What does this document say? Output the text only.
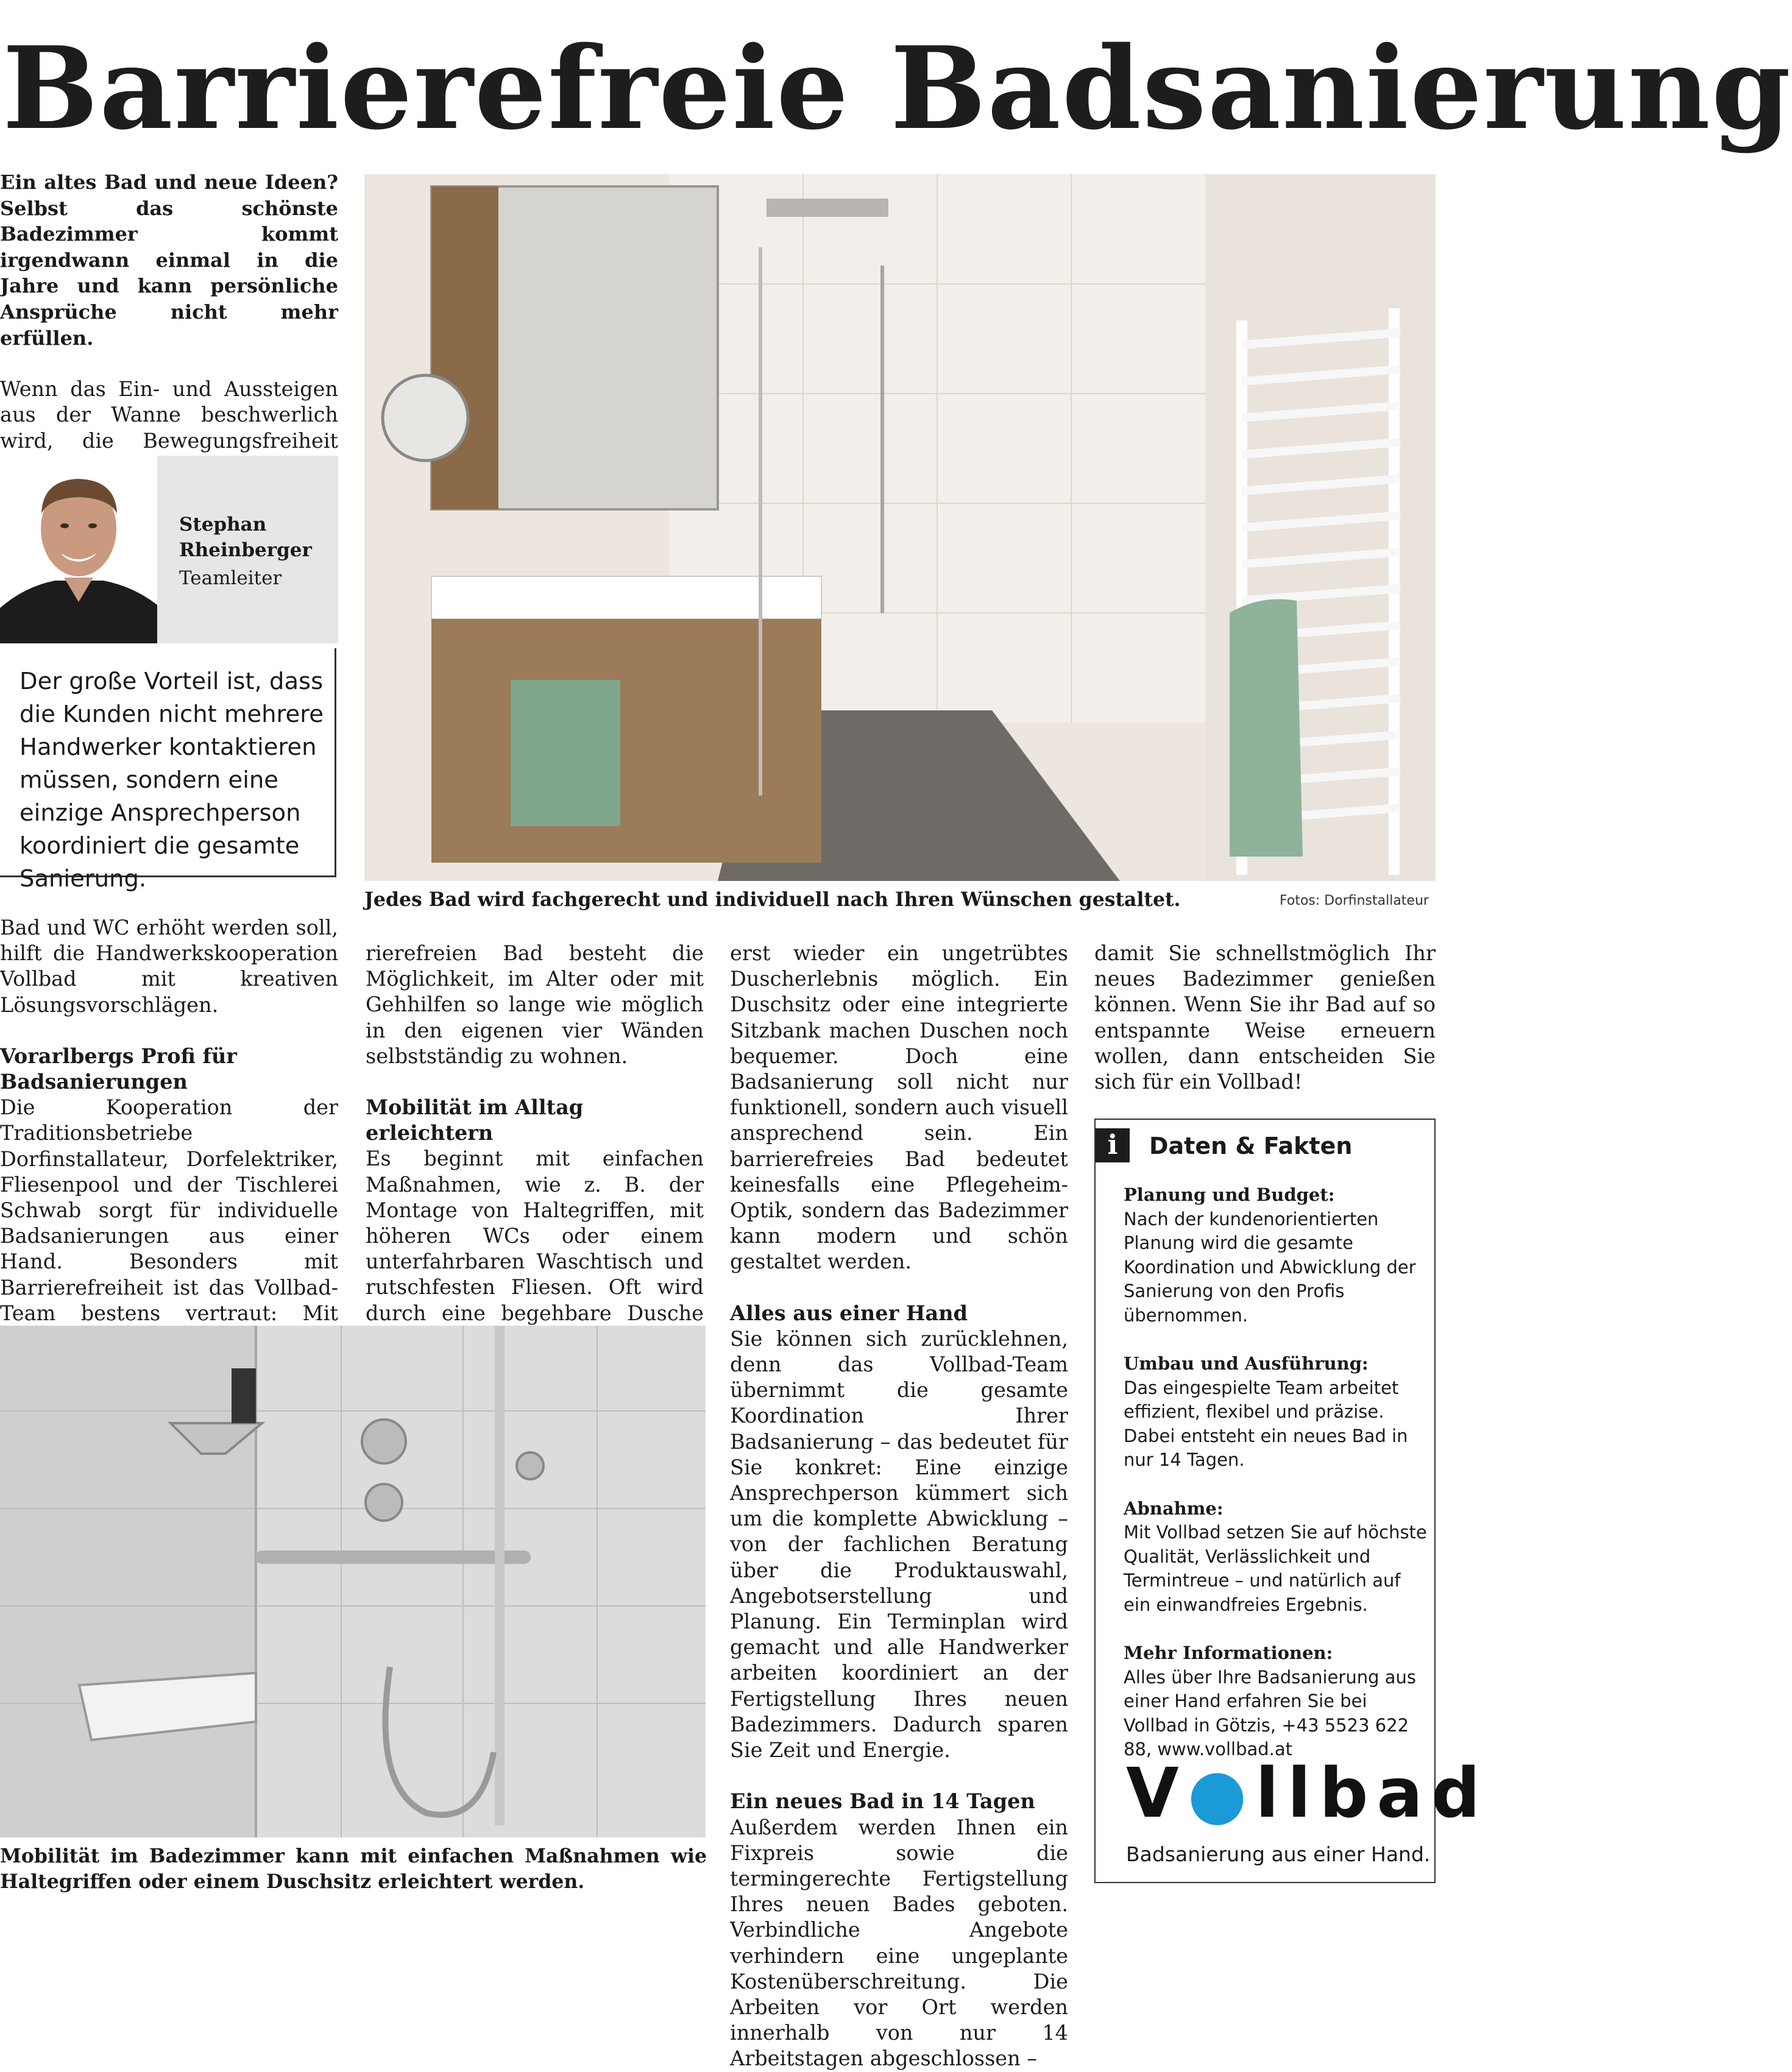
Barrierefreie Badsanierung

Ein altes Bad und neue Ideen? Selbst das schönste Badezimmer kommt irgendwann einmal in die Jahre und kann persönliche Ansprüche nicht mehr erfüllen.

Wenn das Ein- und Aussteigen aus der Wanne beschwerlich wird, die Bewegungsfreiheit

Stephan Rheinberger
Teamleiter
Der große Vorteil ist, dass die Kunden nicht mehrere Handwerker kontaktieren müssen, sondern eine einzige Ansprechperson koordiniert die gesamte Sanierung.
Jedes Bad wird fachgerecht und individuell nach Ihren Wünschen gestaltet.	Fotos: Dorfinstallateur

Bad und WC erhöht werden soll, hilft die Handwerkskooperation Vollbad mit kreativen Lösungsvorschlägen.

Vorarlbergs Profi für Badsanierungen

Die Kooperation der Traditionsbetriebe Dorfinstallateur, Dorfelektriker, Fliesenpool und der Tischlerei Schwab sorgt für individuelle Badsanierungen aus einer Hand. Besonders mit Barrierefreiheit ist das Vollbad-Team bestens vertraut: Mit

rierefreien Bad besteht die Möglichkeit, im Alter oder mit Gehhilfen so lange wie möglich in den eigenen vier Wänden selbstständig zu wohnen.

Mobilität im Alltag erleichtern

Es beginnt mit einfachen Maßnahmen, wie z. B. der Montage von Haltegriffen, mit höheren WCs oder einem unterfahrbaren Waschtisch und rutschfesten Fliesen. Oft wird durch eine begehbare Dusche

Mobilität im Badezimmer kann mit einfachen Maßnahmen wie Haltegriffen oder einem Duschsitz erleichtert werden.

erst wieder ein ungetrübtes Duscherlebnis möglich. Ein Duschsitz oder eine integrierte Sitzbank machen Duschen noch bequemer. Doch eine Badsanierung soll nicht nur funktionell, sondern auch visuell ansprechend sein. Ein barrierefreies Bad bedeutet keinesfalls eine Pflegeheim-Optik, sondern das Badezimmer kann modern und schön gestaltet werden.

Alles aus einer Hand

Sie können sich zurücklehnen, denn das Vollbad-Team übernimmt die gesamte Koordination Ihrer Badsanierung – das bedeutet für Sie konkret: Eine einzige Ansprechperson kümmert sich um die komplette Abwicklung – von der fachlichen Beratung über die Produktauswahl, Angebotserstellung und Planung. Ein Terminplan wird gemacht und alle Handwerker arbeiten koordiniert an der Fertigstellung Ihres neuen Badezimmers. Dadurch sparen Sie Zeit und Energie.

Ein neues Bad in 14 Tagen

Außerdem werden Ihnen ein Fixpreis sowie die termingerechte Fertigstellung Ihres neuen Bades geboten. Verbindliche Angebote verhindern eine ungeplante Kostenüberschreitung. Die Arbeiten vor Ort werden innerhalb von nur 14 Arbeitstagen abgeschlossen –

damit Sie schnellstmöglich Ihr neues Badezimmer genießen können. Wenn Sie ihr Bad auf so entspannte Weise erneuern wollen, dann entscheiden Sie sich für ein Vollbad!

i	Daten & Fakten

Planung und Budget:

Nach der kundenorientierten Planung wird die gesamte Koordination und Abwicklung der Sanierung von den Profis übernommen.

Umbau und Ausführung:

Das eingespielte Team arbeitet effizient, flexibel und präzise. Dabei entsteht ein neues Bad in nur 14 Tagen.

Abnahme:

Mit Vollbad setzen Sie auf höchste Qualität, Verlässlichkeit und Termintreue – und natürlich auf ein einwandfreies Ergebnis.

Mehr Informationen:

Alles über Ihre Badsanierung aus einer Hand erfahren Sie bei Vollbad in Götzis, +43 5523 622 88, www.vollbad.at

V●llbad
Badsanierung aus einer Hand.
